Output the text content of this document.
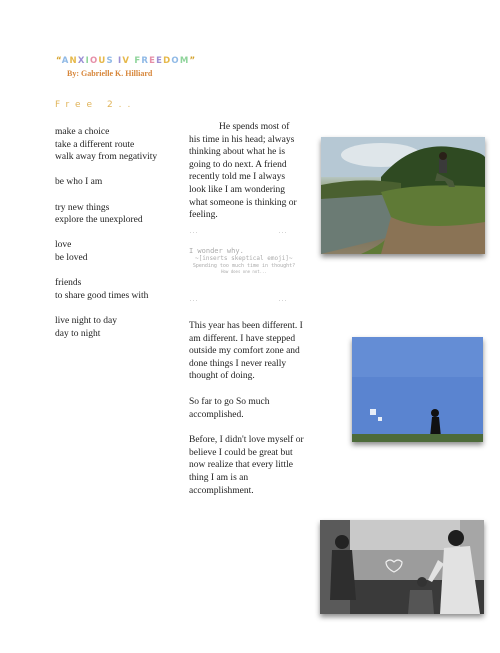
“ANXIOUS IV FREEDOM”
By: Gabrielle K. Hilliard
Free 2..
make a choice
take a different route
walk away from negativity
be who I am
try new things
explore the unexplored
love
be loved
friends
to share good times with
live night to day
day to night
He spends most of
his time in his head; always
thinking about what he is
going to do next. A friend
recently told me I always
look like I am wondering
what someone is thinking or
feeling.
...	...
I wonder why.
~[inserts skeptical emoji]~
Spending too much time in thought?
How does one not...
...	...
This year has been different. I am different. I have stepped outside my comfort zone and done things I never really thought of doing.
So far to go So much accomplished.
Before, I didn't love myself or believe I could be great but now realize that every little thing I am is an accomplishment.
